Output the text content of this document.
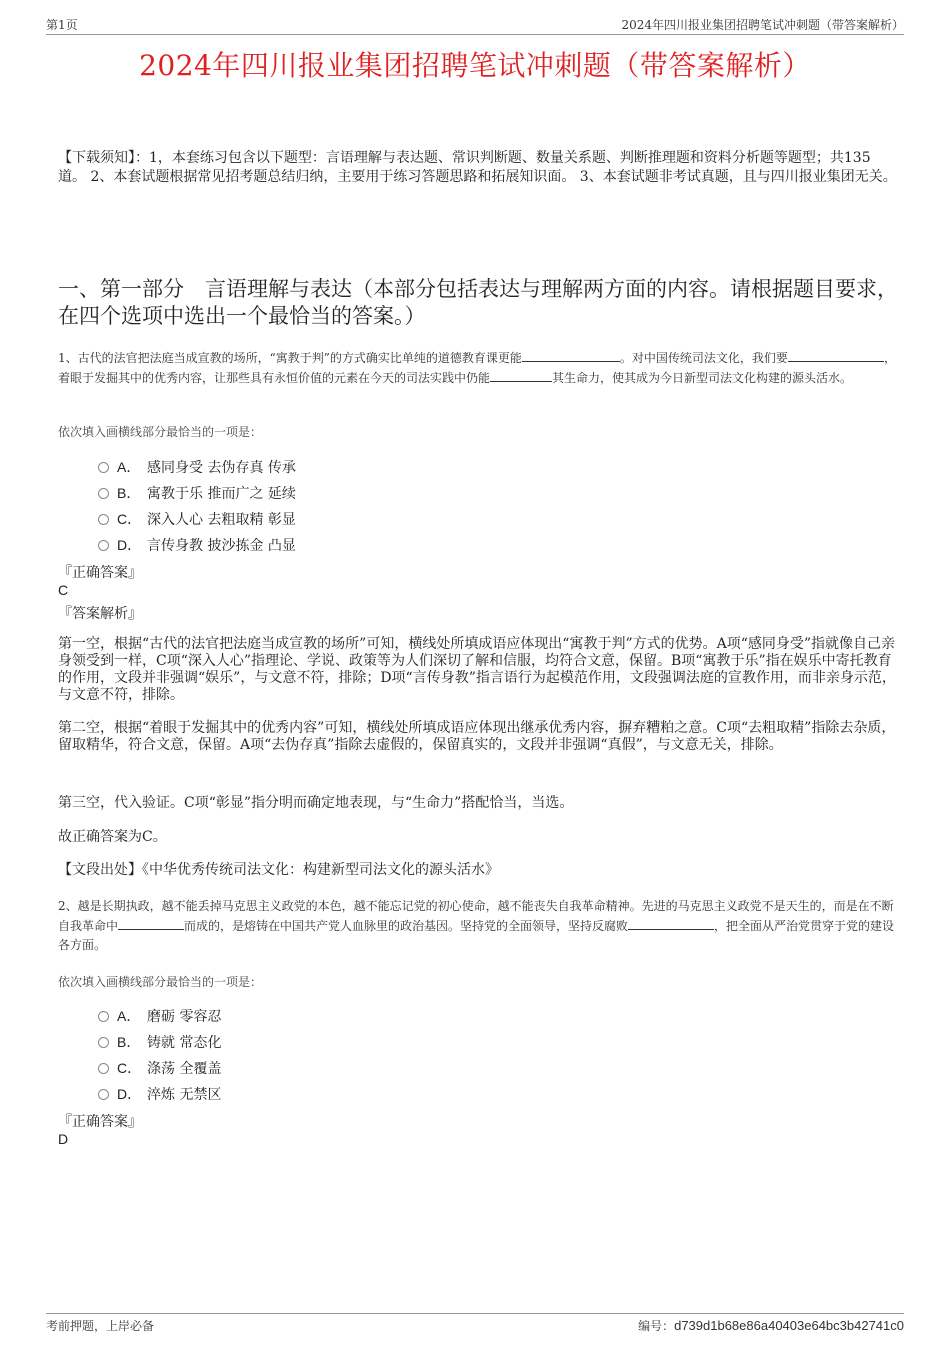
第1页	2024年四川报业集团招聘笔试冲刺题（带答案解析）
2024年四川报业集团招聘笔试冲刺题（带答案解析）
【下载须知】：1，本套练习包含以下题型：言语理解与表达题、常识判断题、数量关系题、判断推理题和资料分析题等题型；共135道。 2、本套试题根据常见招考题总结归纳，主要用于练习答题思路和拓展知识面。 3、本套试题非考试真题，且与四川报业集团无关。
一、第一部分　言语理解与表达（本部分包括表达与理解两方面的内容。请根据题目要求，在四个选项中选出一个最恰当的答案。）
1、古代的法官把法庭当成宣教的场所，“寓教于判”的方式确实比单纯的道德教育课更能	。对中国传统司法文化，我们要	，着眼于发掘其中的优秀内容，让那些具有永恒价值的元素在今天的司法实践中仍能	其生命力，使其成为今日新型司法文化构建的源头活水。
依次填入画横线部分最恰当的一项是：
A． 感同身受 去伪存真 传承
B． 寓教于乐 推而广之 延续
C． 深入人心 去粗取精 彰显
D． 言传身教 披沙拣金 凸显
『正确答案』
C
『答案解析』
第一空，根据“古代的法官把法庭当成宣教的场所”可知，横线处所填成语应体现出“寓教于判”方式的优势。A项“感同身受”指就像自己亲身领受到一样，C项“深入人心”指理论、学说、政策等为人们深切了解和信服，均符合文意，保留。B项“寓教于乐”指在娱乐中寄托教育的作用，文段并非强调“娱乐”，与文意不符，排除；D项“言传身教”指言语行为起模范作用，文段强调法庭的宣教作用，而非亲身示范，与文意不符，排除。
第二空，根据“着眼于发掘其中的优秀内容”可知，横线处所填成语应体现出继承优秀内容，摒弃糟粕之意。C项“去粗取精”指除去杂质，留取精华，符合文意，保留。A项“去伪存真”指除去虚假的，保留真实的，文段并非强调“真假”，与文意无关，排除。
第三空，代入验证。C项“彰显”指分明而确定地表现，与“生命力”搭配恰当，当选。
故正确答案为C。
【文段出处】《中华优秀传统司法文化：构建新型司法文化的源头活水》
2、越是长期执政，越不能丢掉马克思主义政党的本色，越不能忘记党的初心使命，越不能丧失自我革命精神。先进的马克思主义政党不是天生的，而是在不断自我革命中	而成的，是熔铸在中国共产党人血脉里的政治基因。坚持党的全面领导，坚持反腐败	，把全面从严治党贯穿于党的建设各方面。
依次填入画横线部分最恰当的一项是：
A． 磨砺 零容忍
B． 铸就 常态化
C． 涤荡 全覆盖
D． 淬炼 无禁区
『正确答案』
D
考前押题，上岸必备	编号：d739d1b68e86a40403e64bc3b42741c0
